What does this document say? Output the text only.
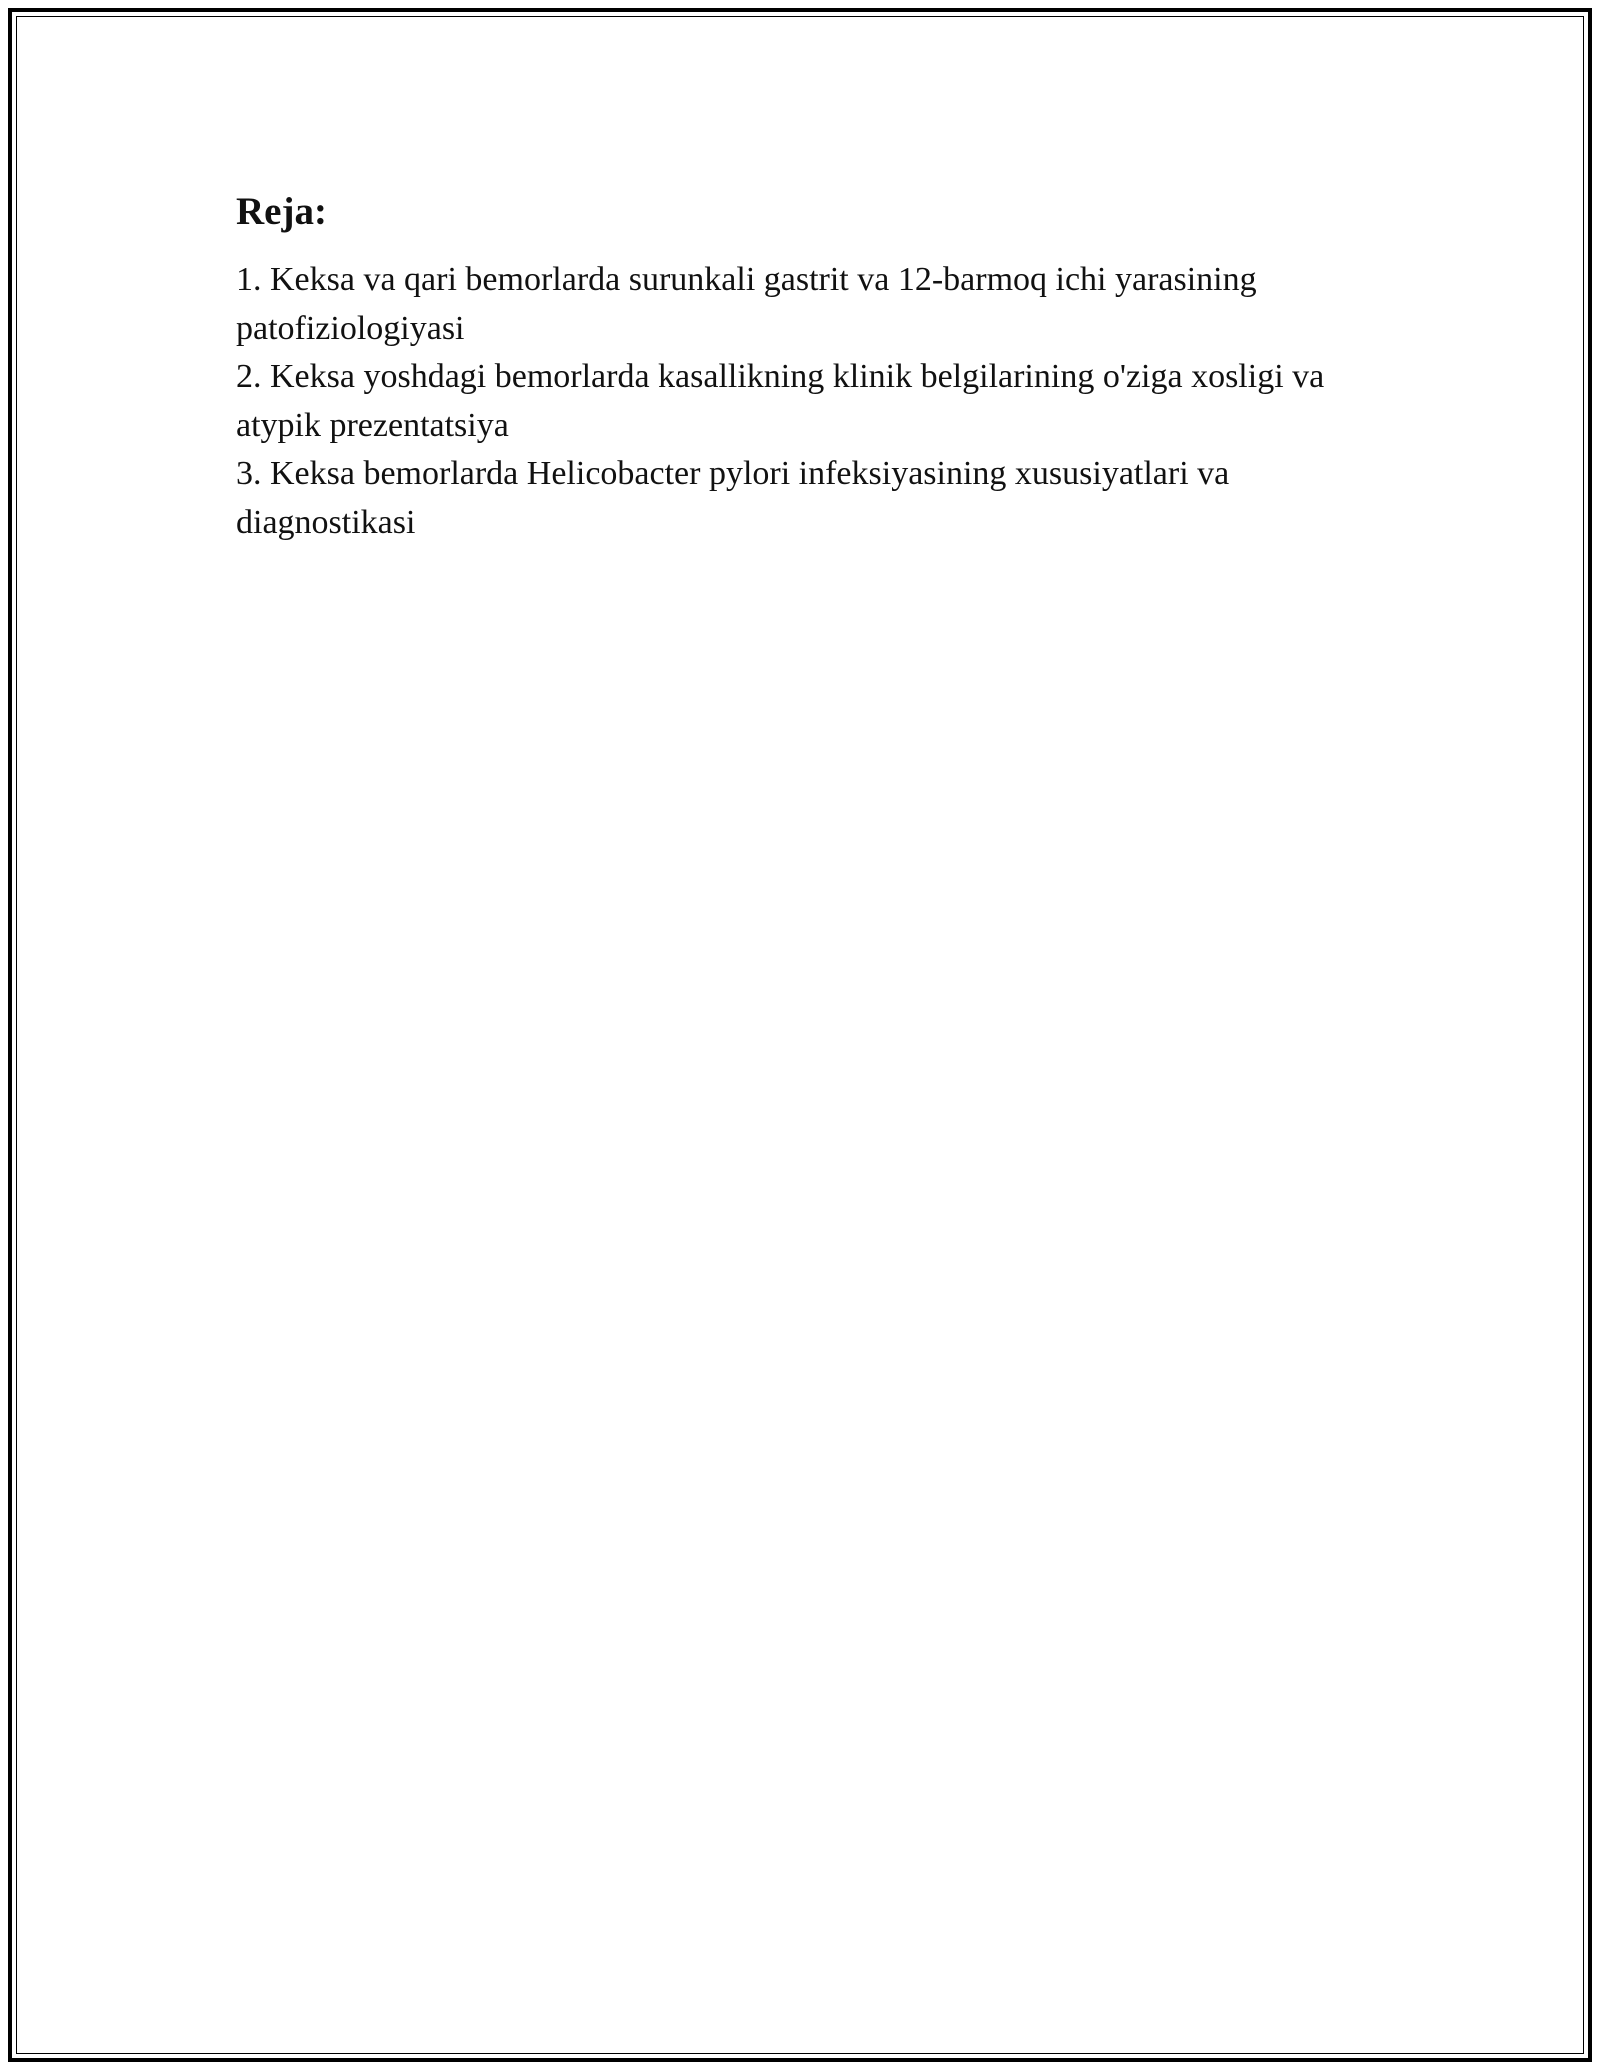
Reja:
1. Keksa va qari bemorlarda surunkali gastrit va 12-barmoq ichi yarasining patofiziologiyasi
2. Keksa yoshdagi bemorlarda kasallikning klinik belgilarining o'ziga xosligi va atypik prezentatsiya
3. Keksa bemorlarda Helicobacter pylori infeksiyasining xususiyatlari va diagnostikasi
